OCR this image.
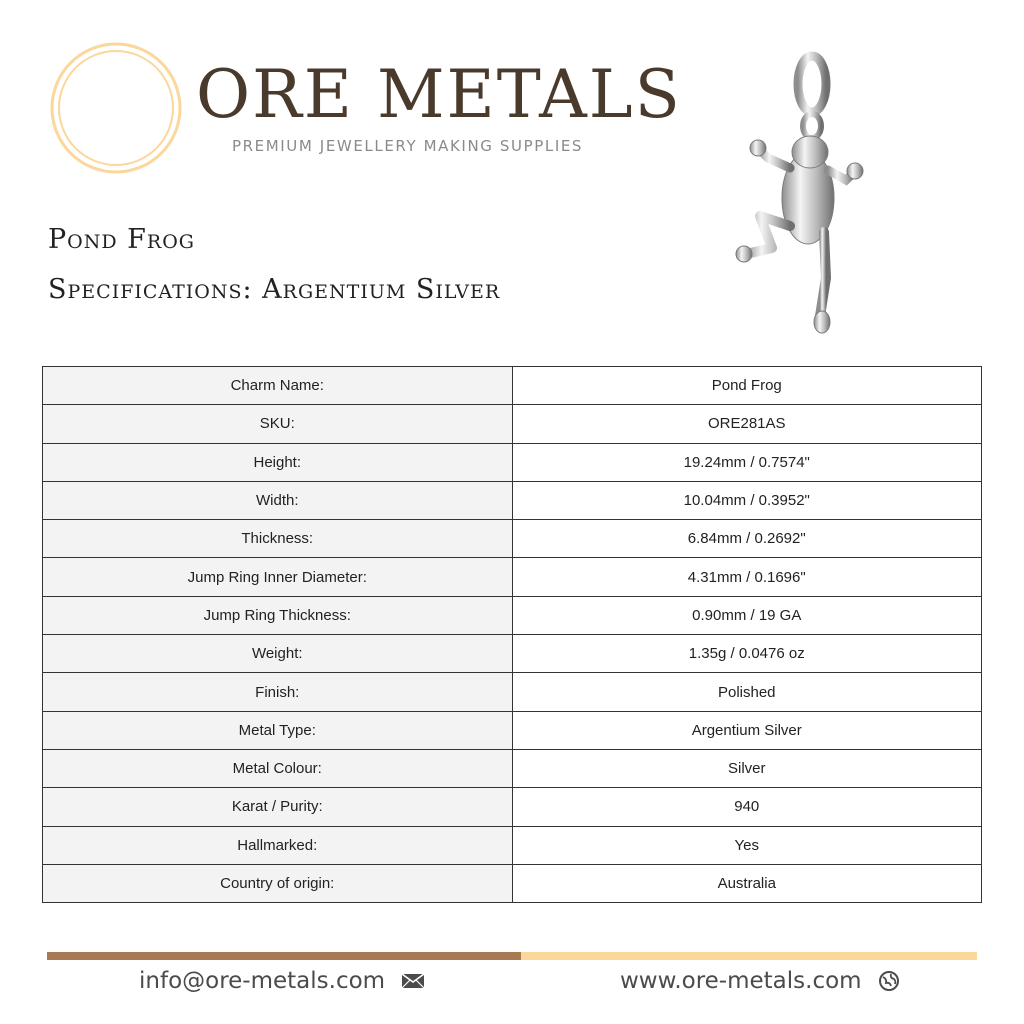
ORE METALS
PREMIUM JEWELLERY MAKING SUPPLIES
Pond Frog
Specifications: Argentium Silver
Charm Name:	Pond Frog
SKU:	ORE281AS
Height:	19.24mm / 0.7574"
Width:	10.04mm / 0.3952"
Thickness:	6.84mm / 0.2692"
Jump Ring Inner Diameter:	4.31mm / 0.1696"
Jump Ring Thickness:	0.90mm / 19 GA
Weight:	1.35g / 0.0476 oz
Finish:	Polished
Metal Type:	Argentium Silver
Metal Colour:	Silver
Karat / Purity:	940
Hallmarked:	Yes
Country of origin:	Australia
info@ore-metals.com	www.ore-metals.com
